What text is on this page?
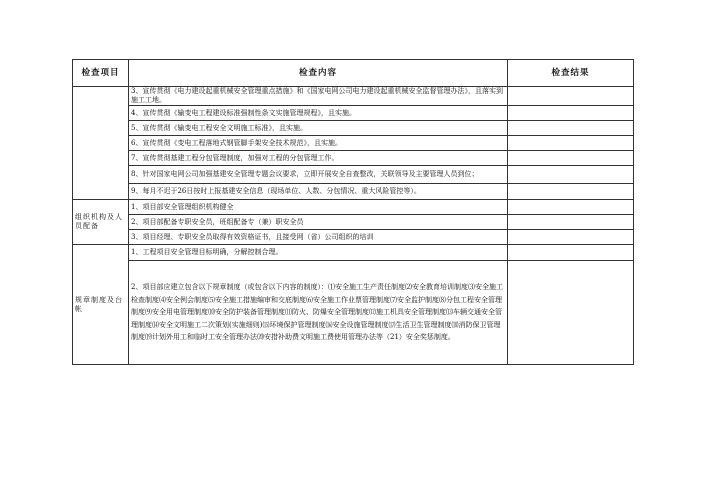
检查项目	检查内容	检查结果
	3、宣传贯彻《电力建设起重机械安全管理重点措施》和《国家电网公司电力建设起重机械安全监督管理办法》，且落实到施工工地。	
	4、宣传贯彻《输变电工程建设标准强制性条文实施管理规程》，且实施。	
	5、宣传贯彻《输变电工程安全文明施工标准》，且实施。	
	6、宣传贯彻《变电工程落地式钢管脚手架安全技术规范》，且实施。	
	7、宣传贯彻基建工程分包管理制度，加强对工程的分包管理工作。	
	8、针对国家电网公司加强基建安全管理专题会议要求，立即开展安全自查整改，关联领导及主要管理人员到位；	
	9、每月不迟于26日按时上报基建安全信息（现场单位、人数、分包情况、重大风险管控等）。	
组织机构及人员配备	1、项目部安全管理组织机构健全	
	2、项目部配备专职安全员，班组配备专（兼）职安全员	
	3、项目经理、专职安全员取得有效资格证书，且接受网（省）公司组织的培训	
规章制度及台帐	1、工程项目安全管理目标明确，分解控制合理。	
	2、项目部应建立包含以下规章制度（或包含以下内容的制度）：⑴安全施工生产责任制度⑵安全教育培训制度⑶安全施工检查制度⑷安全例会制度⑸安全施工措施编审和交底制度⑹安全施工作业票管理制度⑺安全监护制度⑻分包工程安全管理制度⑼安全用电管理制度⑽安全防护装备管理制度⑾防火、防爆安全管理制度⑿施工机具安全管理制度⒀车辆交通安全管理制度⒁安全文明施工二次策划(实施细则)⒂环境保护管理制度⒃安全设施管理制度⒄生活卫生管理制度⒅消防保卫管理制度⒆计划外用工和临时工安全管理办法⒇安措补助费文明施工费使用管理办法等（21）安全奖惩制度。	
